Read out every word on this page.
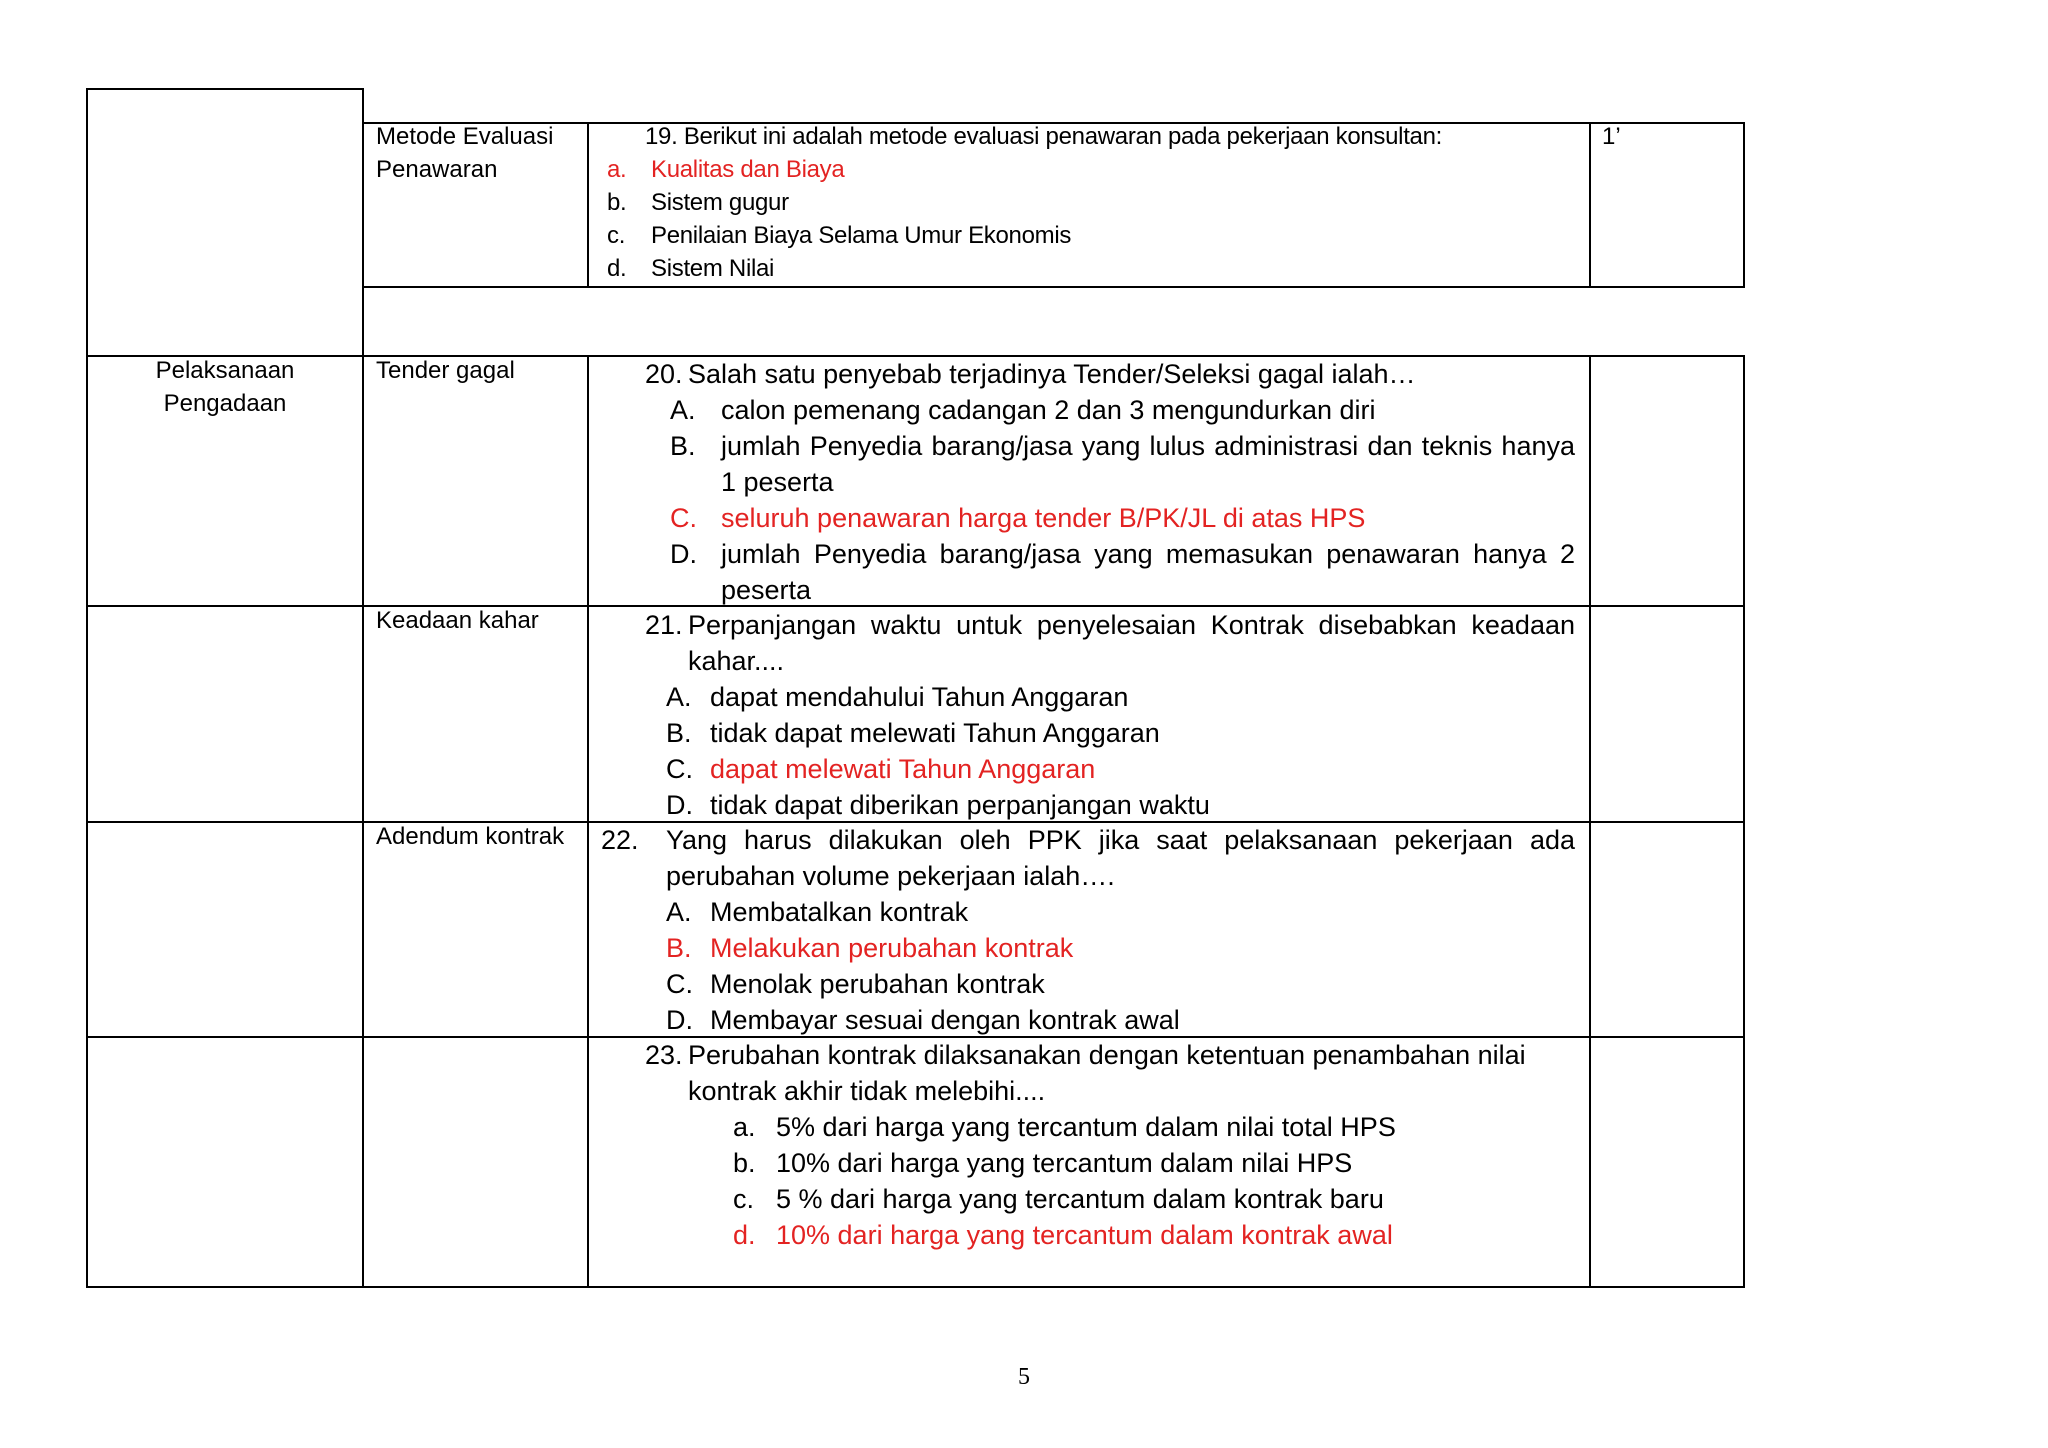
Metode Evaluasi
Penawaran
19. Berikut ini adalah metode evaluasi penawaran pada pekerjaan konsultan:
a. Kualitas dan Biaya
b. Sistem gugur
c. Penilaian Biaya Selama Umur Ekonomis
d. Sistem Nilai
1’
Pelaksanaan
Pengadaan
Tender gagal	20. Salah satu penyebab terjadinya Tender/Seleksi gagal ialah…
A. calon pemenang cadangan 2 dan 3 mengundurkan diri
B. jumlah Penyedia barang/jasa yang lulus administrasi dan teknis hanya 1 peserta
C. seluruh penawaran harga tender B/PK/JL di atas HPS
D. jumlah Penyedia barang/jasa yang memasukan penawaran hanya 2 peserta
Keadaan kahar	21. Perpanjangan waktu untuk penyelesaian Kontrak disebabkan keadaan kahar....
A. dapat mendahului Tahun Anggaran
B. tidak dapat melewati Tahun Anggaran
C. dapat melewati Tahun Anggaran
D. tidak dapat diberikan perpanjangan waktu
Adendum kontrak 22. Yang harus dilakukan oleh PPK jika saat pelaksanaan pekerjaan ada perubahan volume pekerjaan ialah….
A. Membatalkan kontrak
B. Melakukan perubahan kontrak
C. Menolak perubahan kontrak
D. Membayar sesuai dengan kontrak awal
23. Perubahan kontrak dilaksanakan dengan ketentuan penambahan nilai kontrak akhir tidak melebihi....
a. 5% dari harga yang tercantum dalam nilai total HPS
b. 10% dari harga yang tercantum dalam nilai HPS
c. 5 % dari harga yang tercantum dalam kontrak baru
d. 10% dari harga yang tercantum dalam kontrak awal
5
